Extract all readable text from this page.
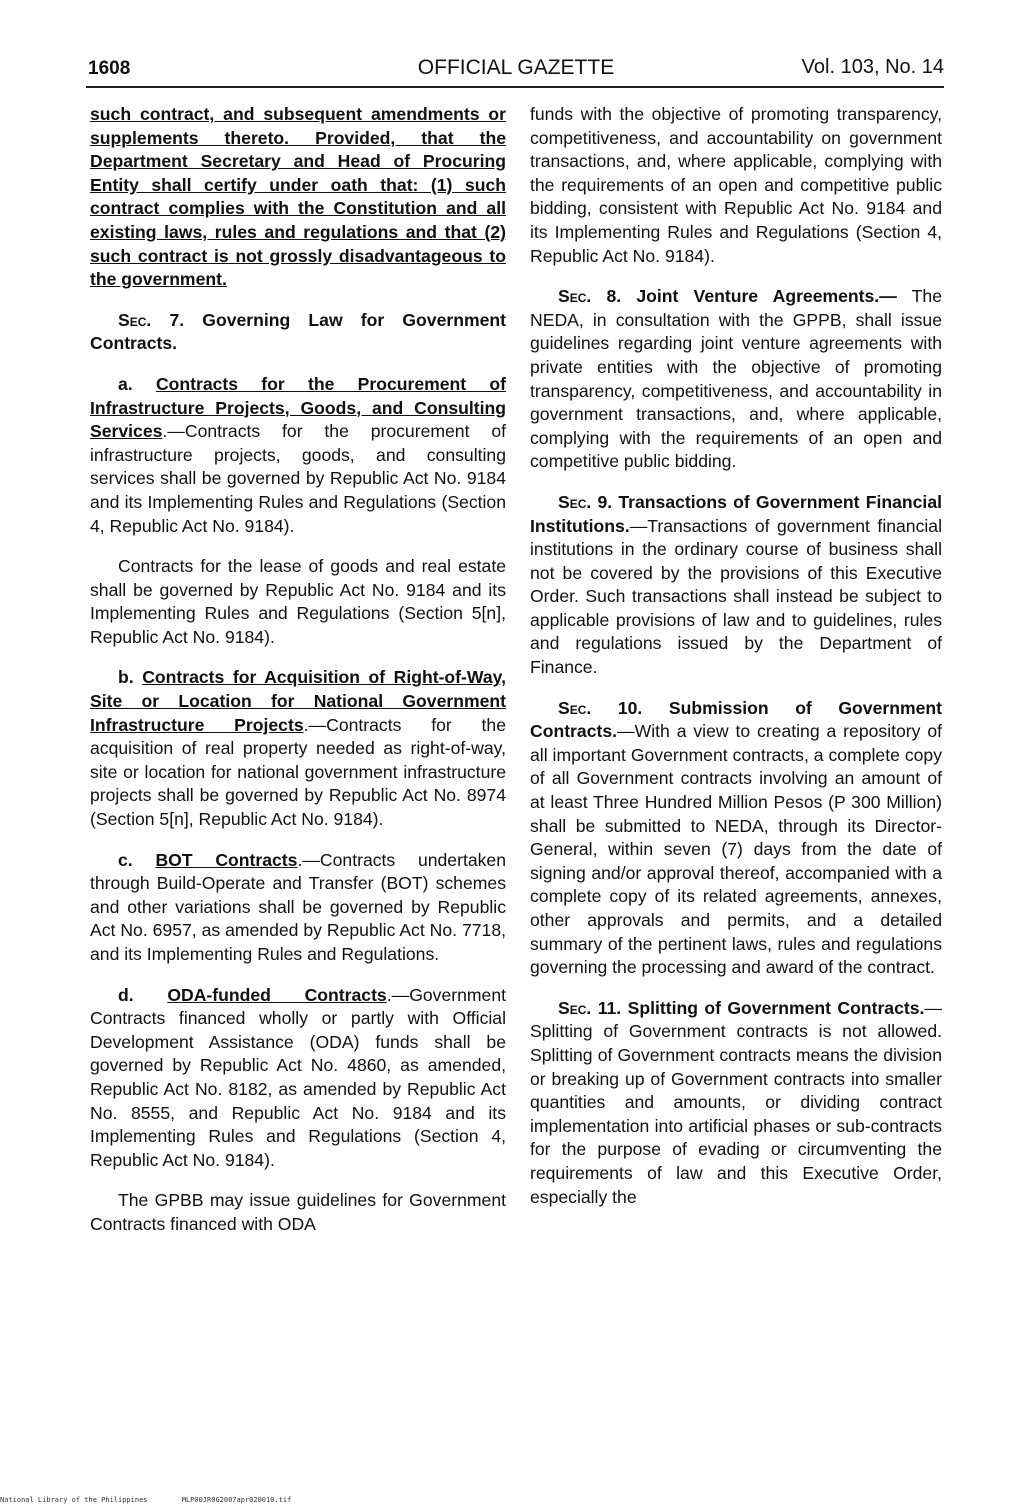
1608	OFFICIAL GAZETTE	Vol. 103, No. 14

such contract, and subsequent amendments or supplements thereto. Provided, that the Department Secretary and Head of Procuring Entity shall certify under oath that: (1) such contract complies with the Constitution and all existing laws, rules and regulations and that (2) such contract is not grossly disadvantageous to the government.

Sec. 7. Governing Law for Government Contracts.

a. Contracts for the Procurement of Infrastructure Projects, Goods, and Consulting Services.—Contracts for the procurement of infrastructure projects, goods, and consulting services shall be governed by Republic Act No. 9184 and its Implementing Rules and Regulations (Section 4, Republic Act No. 9184).

Contracts for the lease of goods and real estate shall be governed by Republic Act No. 9184 and its Implementing Rules and Regulations (Section 5[n], Republic Act No. 9184).

b. Contracts for Acquisition of Right-of-Way, Site or Location for National Government Infrastructure Projects.—Contracts for the acquisition of real property needed as right-of-way, site or location for national government infrastructure projects shall be governed by Republic Act No. 8974 (Section 5[n], Republic Act No. 9184).

c. BOT Contracts.—Contracts undertaken through Build-Operate and Transfer (BOT) schemes and other variations shall be governed by Republic Act No. 6957, as amended by Republic Act No. 7718, and its Implementing Rules and Regulations.

d. ODA-funded Contracts.—Government Contracts financed wholly or partly with Official Development Assistance (ODA) funds shall be governed by Republic Act No. 4860, as amended, Republic Act No. 8182, as amended by Republic Act No. 8555, and Republic Act No. 9184 and its Implementing Rules and Regulations (Section 4, Republic Act No. 9184).

The GPBB may issue guidelines for Government Contracts financed with ODA

funds with the objective of promoting transparency, competitiveness, and accountability on government transactions, and, where applicable, complying with the requirements of an open and competitive public bidding, consistent with Republic Act No. 9184 and its Implementing Rules and Regulations (Section 4, Republic Act No. 9184).

Sec. 8. Joint Venture Agreements.— The NEDA, in consultation with the GPPB, shall issue guidelines regarding joint venture agreements with private entities with the objective of promoting transparency, competitiveness, and accountability in government transactions, and, where applicable, complying with the requirements of an open and competitive public bidding.

Sec. 9. Transactions of Government Financial Institutions.—Transactions of government financial institutions in the ordinary course of business shall not be covered by the provisions of this Executive Order. Such transactions shall instead be subject to applicable provisions of law and to guidelines, rules and regulations issued by the Department of Finance.

Sec. 10. Submission of Government Contracts.—With a view to creating a repository of all important Government contracts, a complete copy of all Government contracts involving an amount of at least Three Hundred Million Pesos (P 300 Million) shall be submitted to NEDA, through its Director-General, within seven (7) days from the date of signing and/or approval thereof, accompanied with a complete copy of its related agreements, annexes, other approvals and permits, and a detailed summary of the pertinent laws, rules and regulations governing the processing and award of the contract.

Sec. 11. Splitting of Government Contracts.—Splitting of Government contracts is not allowed. Splitting of Government contracts means the division or breaking up of Government contracts into smaller quantities and amounts, or dividing contract implementation into artificial phases or sub-contracts for the purpose of evading or circumventing the requirements of law and this Executive Order, especially the

National Library of the Philippines	MLP00JR0G2007apr020010.tif
